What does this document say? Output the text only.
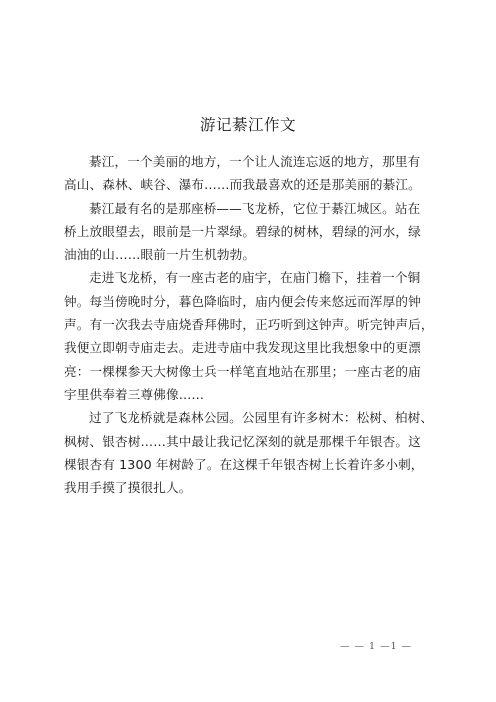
游记綦江作文
綦江，一个美丽的地方，一个让人流连忘返的地方，那里有
高山、森林、峡谷、瀑布……而我最喜欢的还是那美丽的綦江。
綦江最有名的是那座桥——飞龙桥，它位于綦江城区。站在
桥上放眼望去，眼前是一片翠绿。碧绿的树林，碧绿的河水，绿
油油的山……眼前一片生机勃勃。
走进飞龙桥，有一座古老的庙宇，在庙门檐下，挂着一个铜
钟。每当傍晚时分，暮色降临时，庙内便会传来悠远而浑厚的钟
声。有一次我去寺庙烧香拜佛时，正巧听到这钟声。听完钟声后，
我便立即朝寺庙走去。走进寺庙中我发现这里比我想象中的更漂
亮：一棵棵参天大树像士兵一样笔直地站在那里；一座古老的庙
宇里供奉着三尊佛像……
过了飞龙桥就是森林公园。公园里有许多树木：松树、柏树、
枫树、银杏树……其中最让我记忆深刻的就是那棵千年银杏。这
棵银杏有 1300 年树龄了。在这棵千年银杏树上长着许多小刺，
我用手摸了摸很扎人。
— — 1 —1 —
